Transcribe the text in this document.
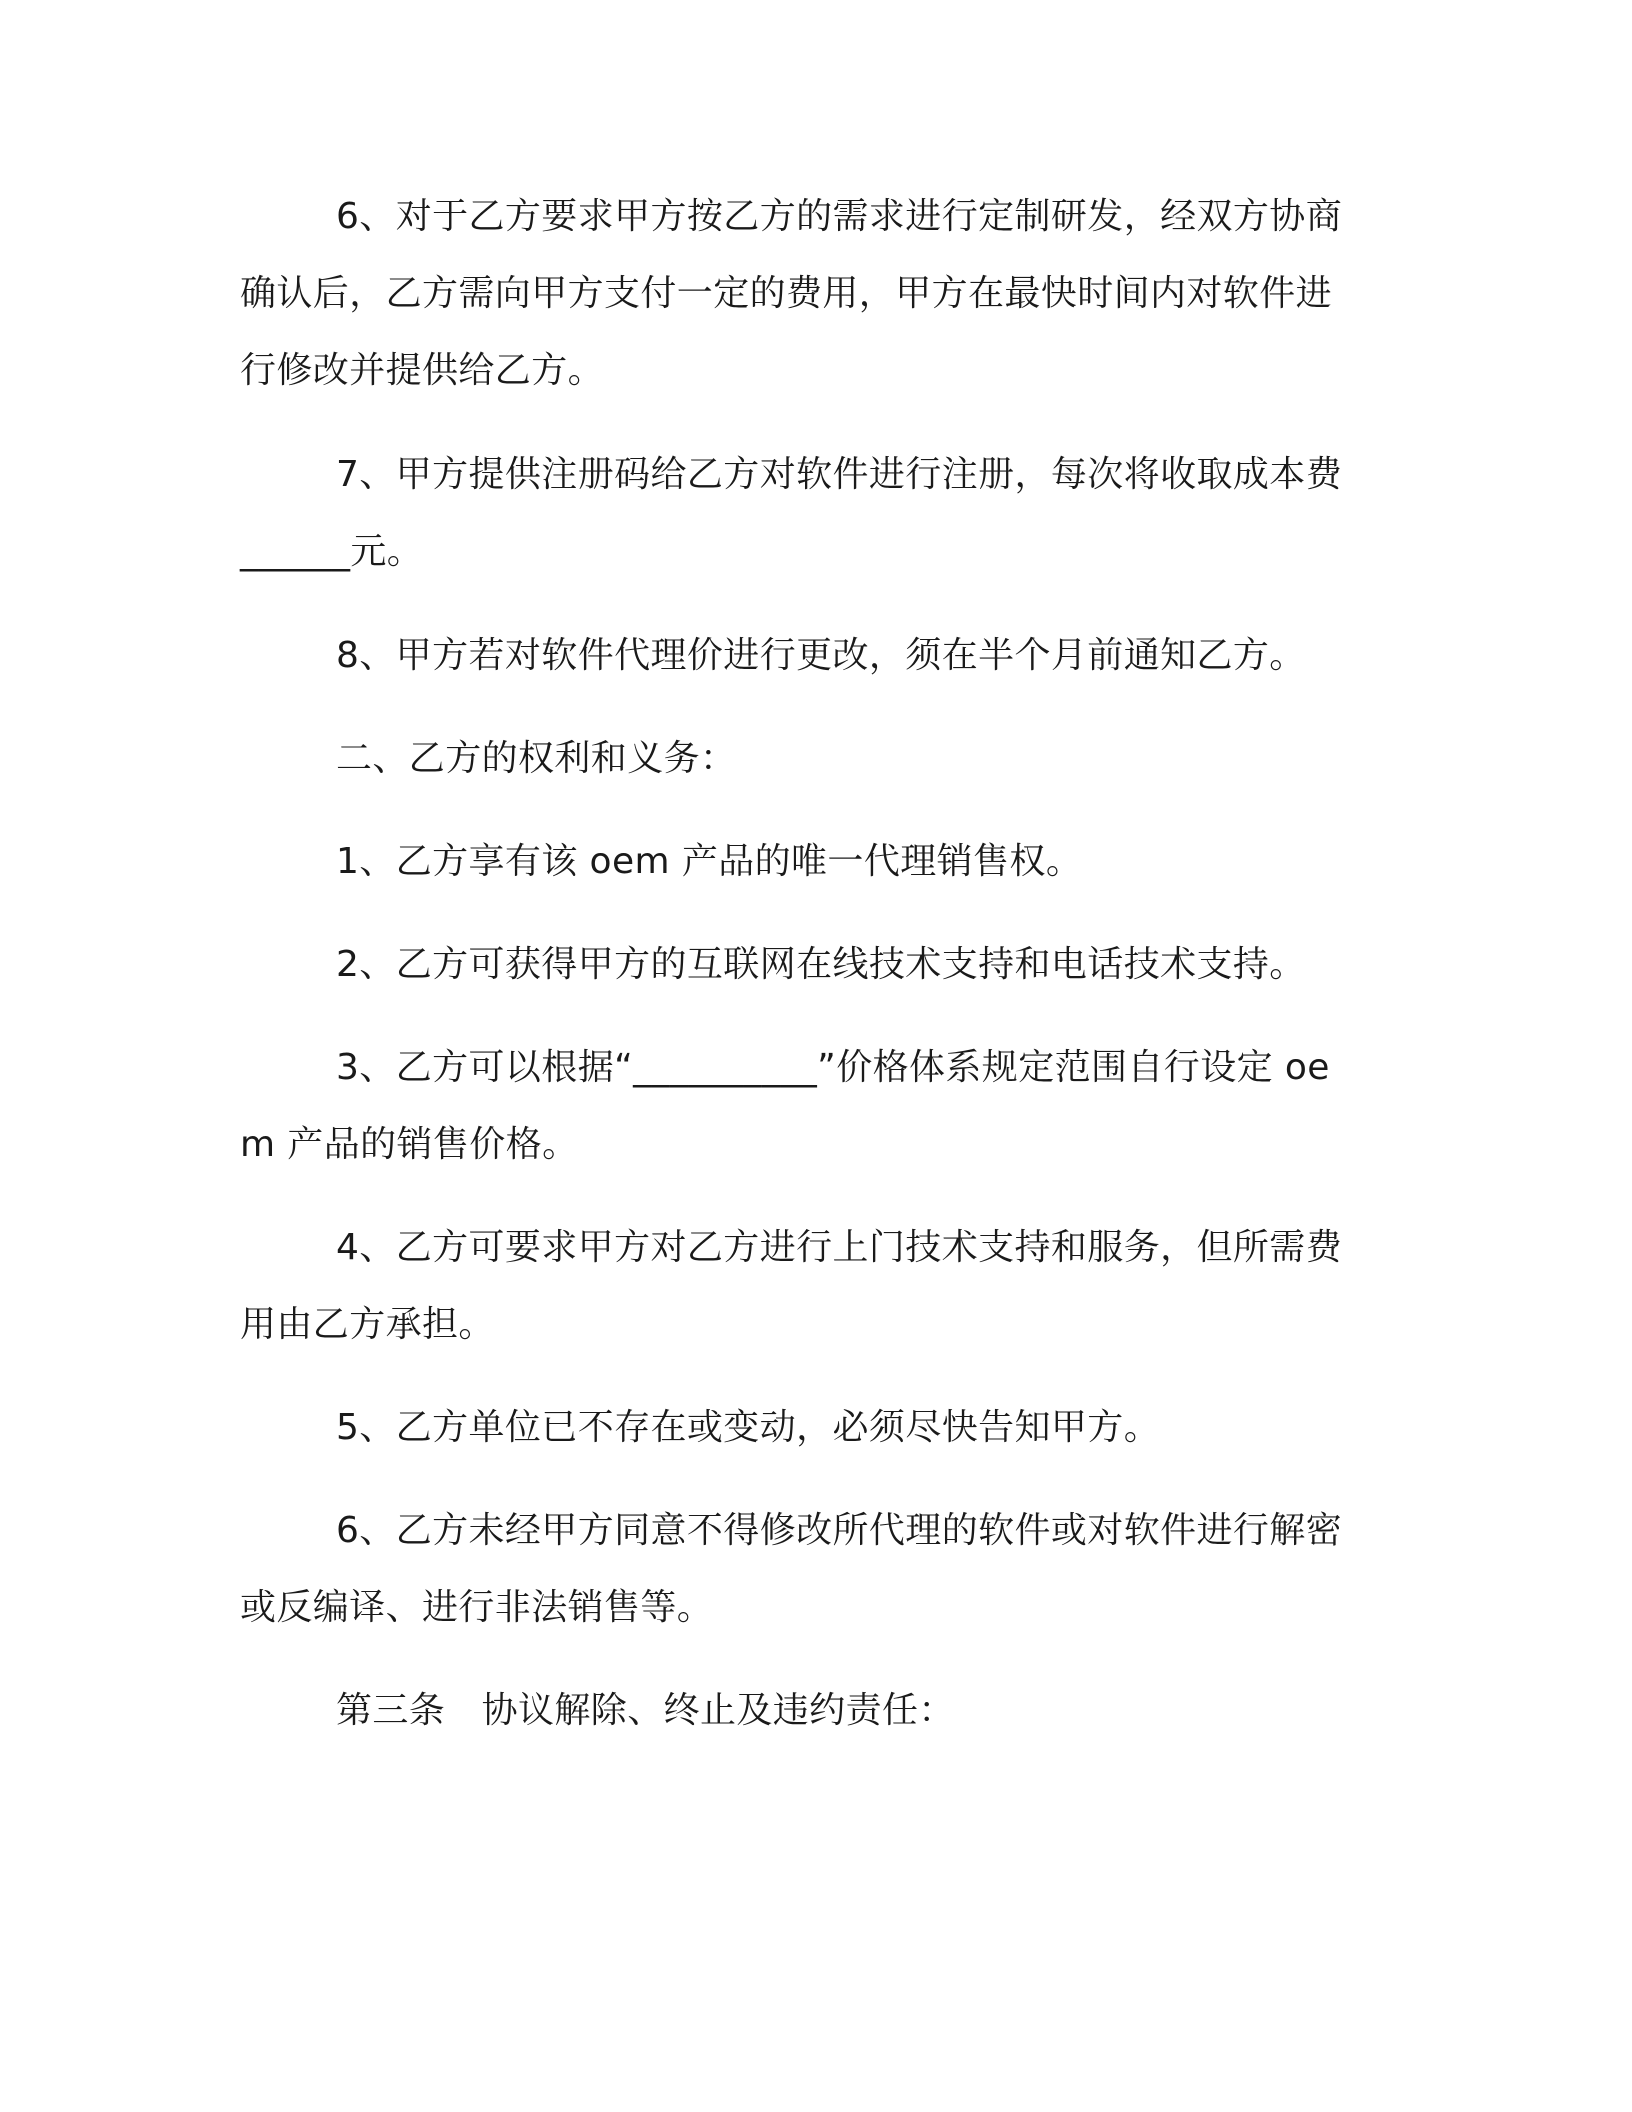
6、对于乙方要求甲方按乙方的需求进行定制研发，经双方协商确认后，乙方需向甲方支付一定的费用，甲方在最快时间内对软件进行修改并提供给乙方。

7、甲方提供注册码给乙方对软件进行注册，每次将收取成本费______元。

8、甲方若对软件代理价进行更改，须在半个月前通知乙方。

二、乙方的权利和义务：

1、乙方享有该 oem 产品的唯一代理销售权。

2、乙方可获得甲方的互联网在线技术支持和电话技术支持。

3、乙方可以根据“__________”价格体系规定范围自行设定 oem 产品的销售价格。

4、乙方可要求甲方对乙方进行上门技术支持和服务，但所需费用由乙方承担。

5、乙方单位已不存在或变动，必须尽快告知甲方。

6、乙方未经甲方同意不得修改所代理的软件或对软件进行解密或反编译、进行非法销售等。

第三条　协议解除、终止及违约责任：
